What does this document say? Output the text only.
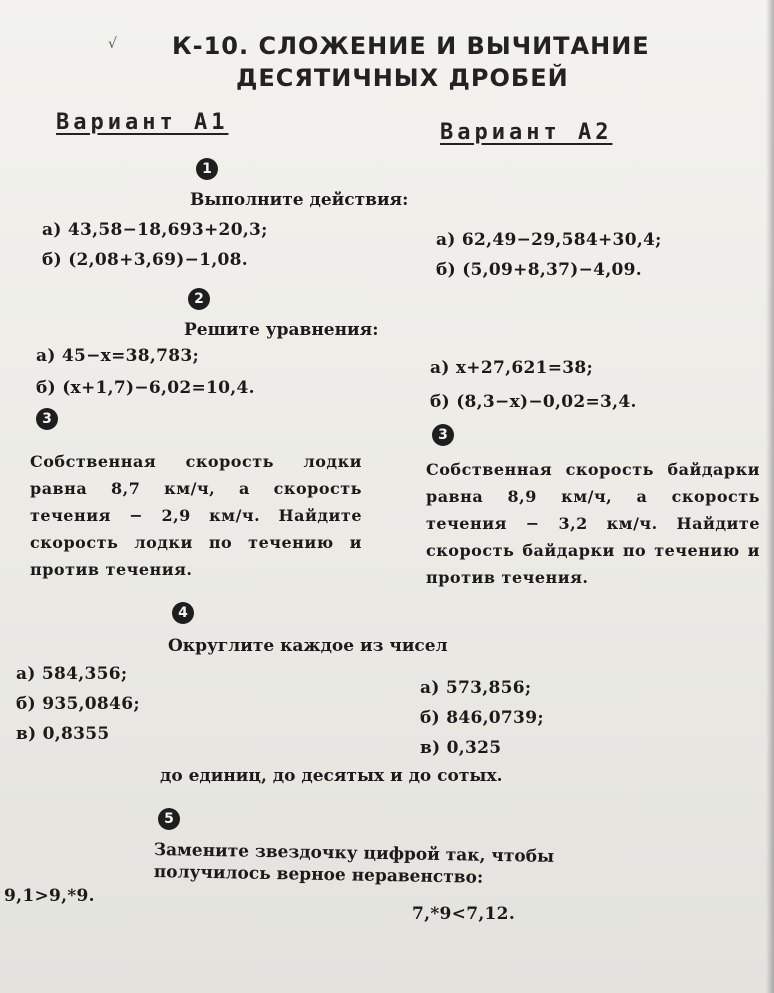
√ К-10. СЛОЖЕНИЕ И ВЫЧИТАНИЕ
ДЕСЯТИЧНЫХ ДРОБЕЙ
Вариант А1	Вариант А2
1
Выполните действия:
а) 43,58−18,693+20,3;
б) (2,08+3,69)−1,08.
а) 62,49−29,584+30,4;
б) (5,09+8,37)−4,09.
2
Решите уравнения:
а) 45−x=38,783;
б) (x+1,7)−6,02=10,4.
а) x+27,621=38;
б) (8,3−x)−0,02=3,4.
3
3
Собственная скорость лодки равна 8,7 км/ч, а скорость течения − 2,9 км/ч. Найдите скорость лодки по течению и против течения.
Собственная скорость байдарки равна 8,9 км/ч, а скорость течения − 3,2 км/ч. Найдите скорость байдарки по течению и против течения.
4
Округлите каждое из чисел
а) 584,356;
б) 935,0846;
в) 0,8355
а) 573,856;
б) 846,0739;
в) 0,325
до единиц, до десятых и до сотых.
5
Замените звездочку цифрой так, чтобы
получилось верное неравенство:
9,1>9,*9.
7,*9<7,12.
